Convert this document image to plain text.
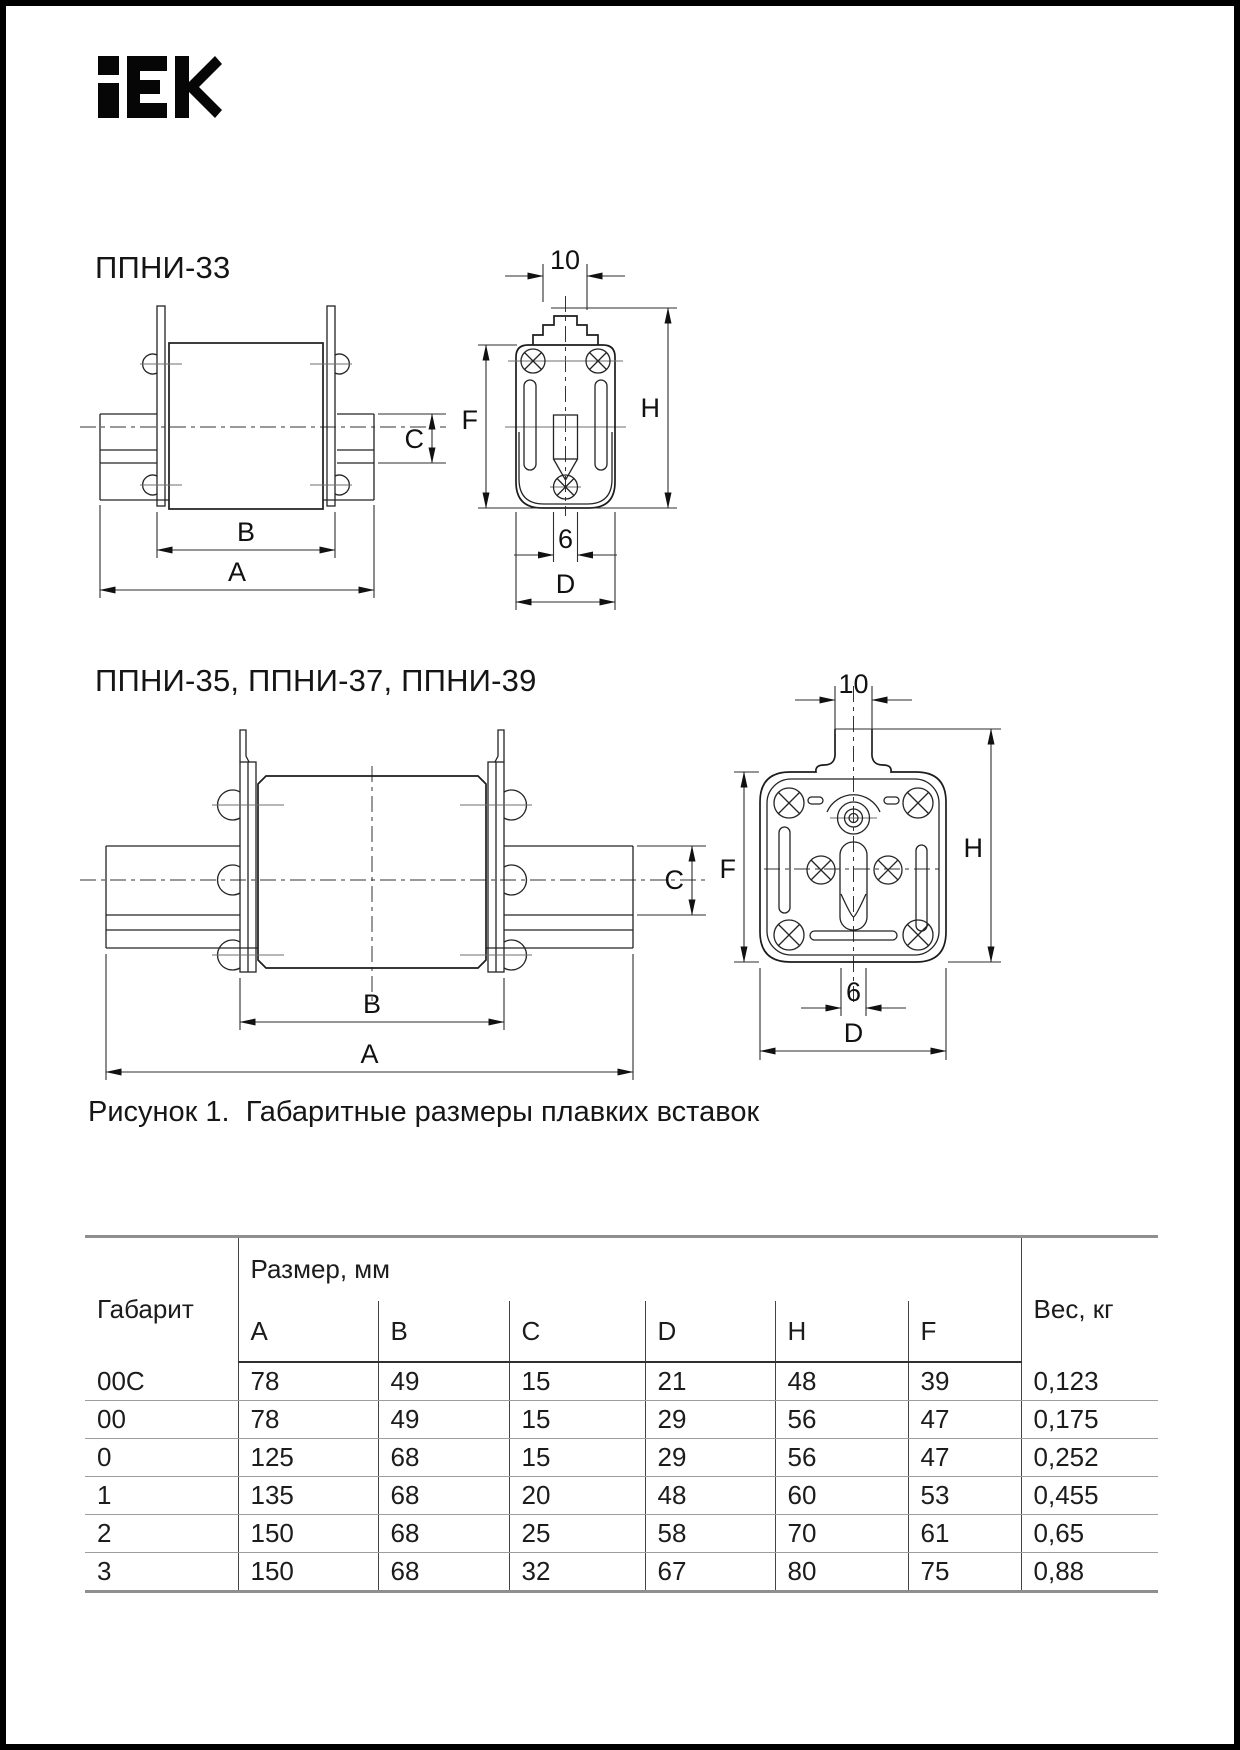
ППНИ-33
C
B
A
10
F	H
6
D
ППНИ-35, ППНИ-37, ППНИ-39
C
B
A
10
F
H
6
D
Рисунок 1.  Габаритные размеры плавких вставок
Габарит	Размер, мм						Вес, кг
	A	B	C	D	H	F	
00C	78	49	15	21	48	39	0,123
00	78	49	15	29	56	47	0,175
0	125	68	15	29	56	47	0,252
1	135	68	20	48	60	53	0,455
2	150	68	25	58	70	61	0,65
3	150	68	32	67	80	75	0,88
